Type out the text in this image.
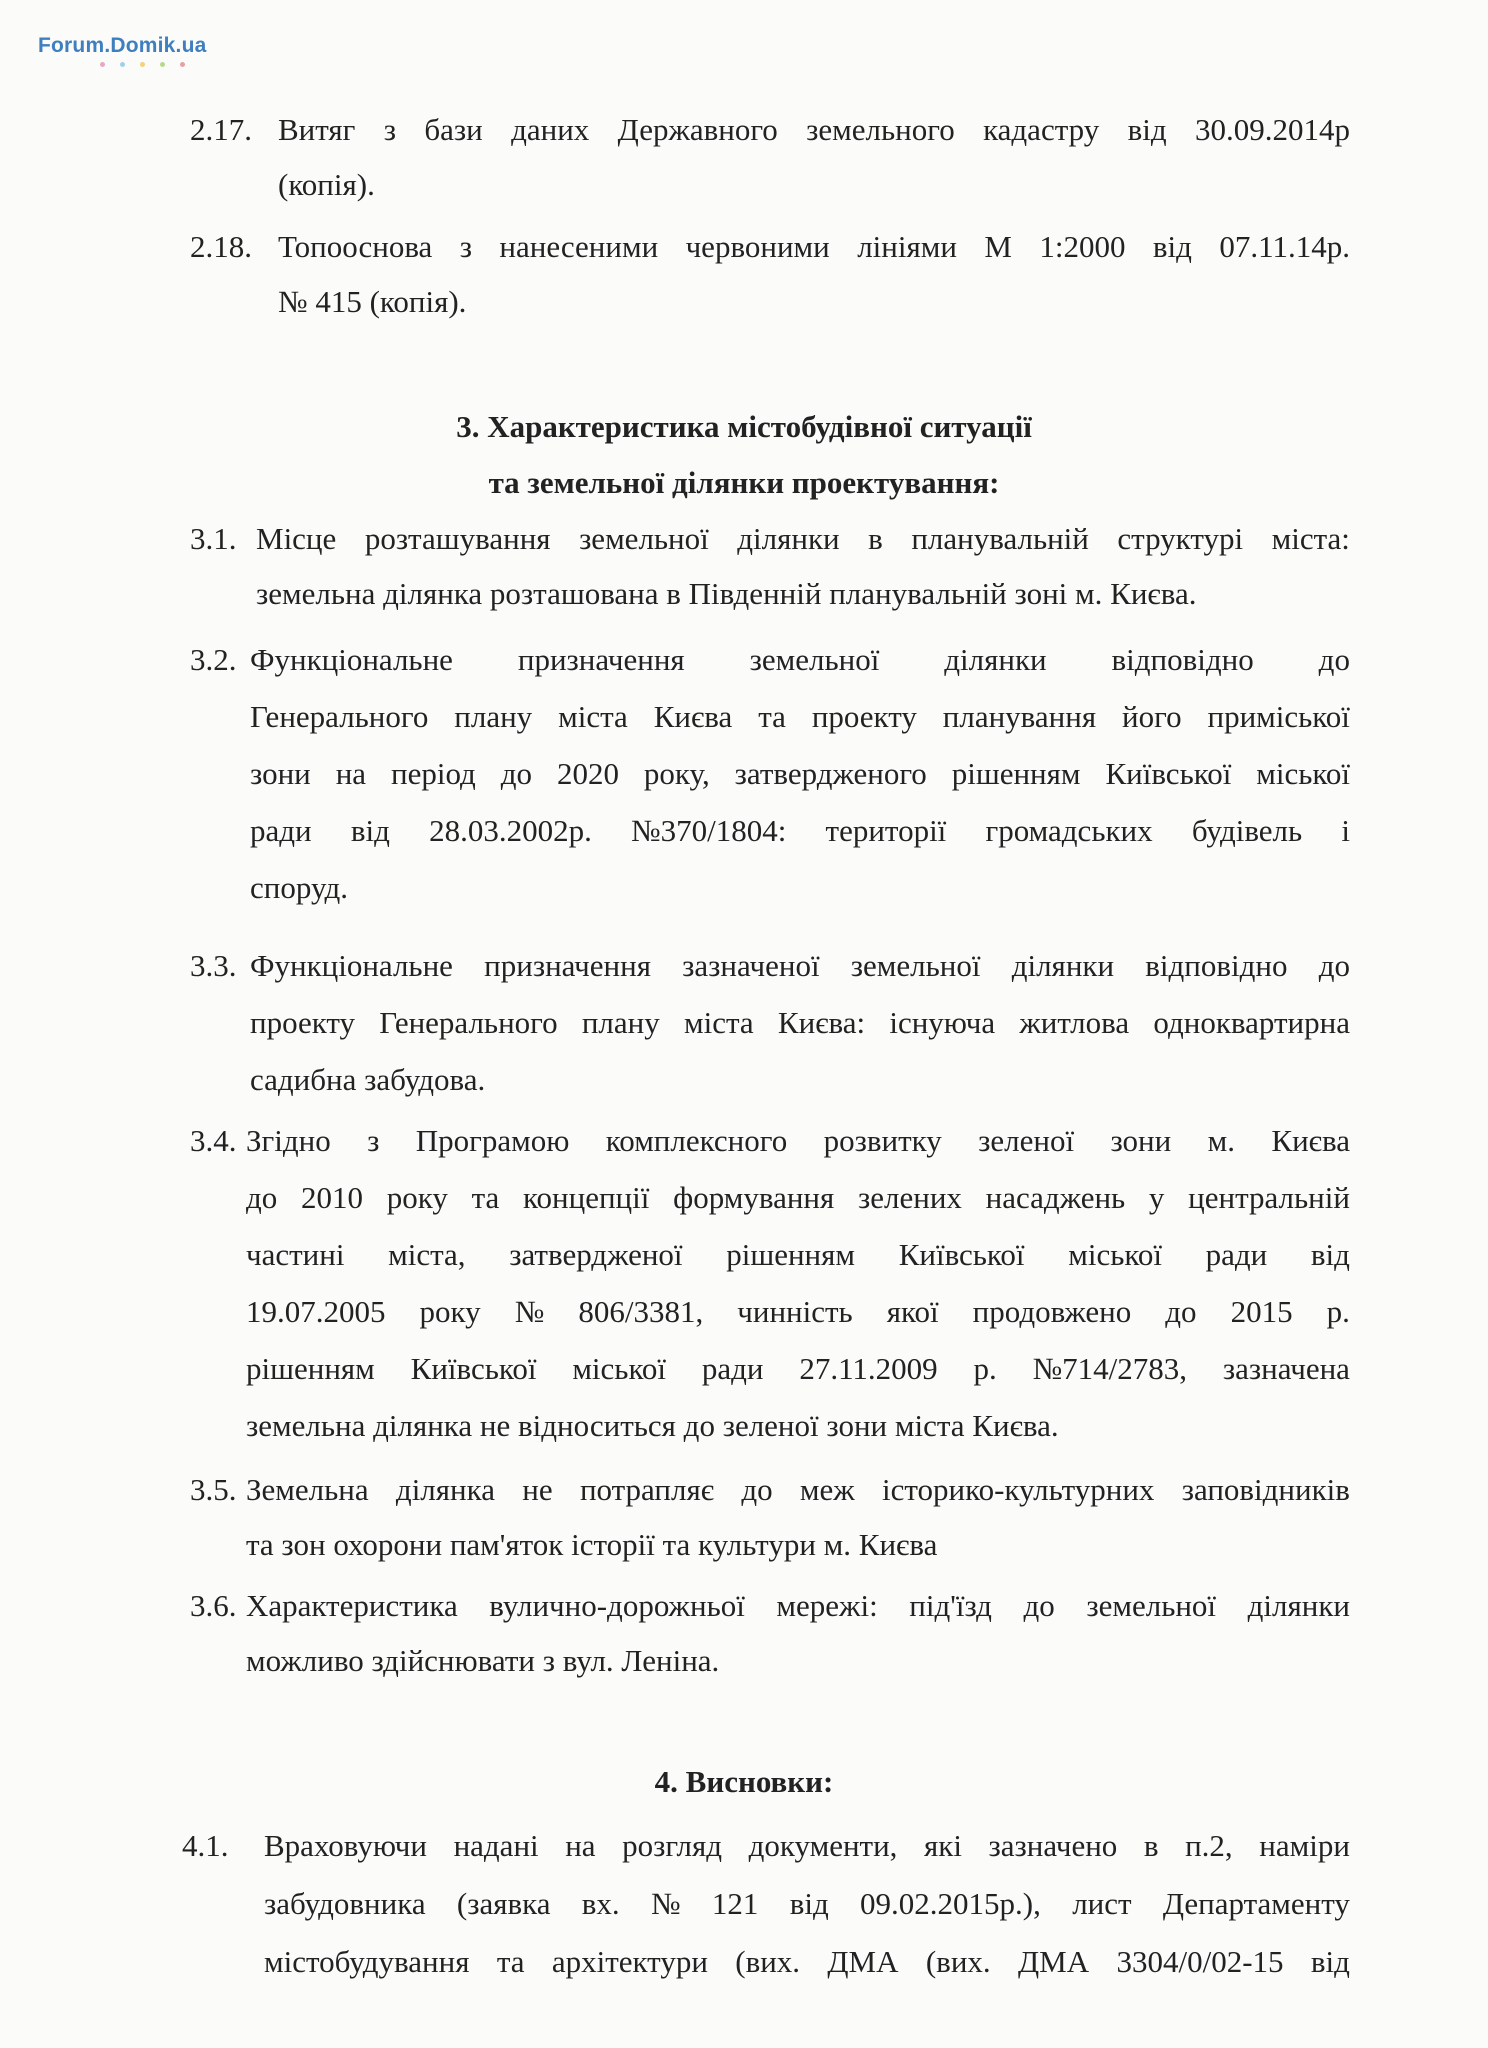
Forum.Domik.ua
2.17. Витяг з бази даних Державного земельного кадастру від 30.09.2014р
(копія).
2.18. Топооснова з нанесеними червоними лініями М 1:2000 від 07.11.14р.
№ 415 (копія).
3. Характеристика містобудівної ситуації
та земельної ділянки проектування:
3.1. Місце розташування земельної ділянки в планувальній структурі міста:
земельна ділянка розташована в Південній планувальній зоні м. Києва.
3.2. Функціональне призначення земельної ділянки відповідно до
Генерального плану міста Києва та проекту планування його приміської
зони на період до 2020 року, затвердженого рішенням Київської міської
ради від 28.03.2002р. №370/1804: території громадських будівель і
споруд.
3.3. Функціональне призначення зазначеної земельної ділянки відповідно до
проекту Генерального плану міста Києва: існуюча житлова одноквартирна
садибна забудова.
3.4. Згідно з Програмою комплексного розвитку зеленої зони м. Києва
до 2010 року та концепції формування зелених насаджень у центральній
частині міста, затвердженої рішенням Київської міської ради від
19.07.2005 року № 806/3381, чинність якої продовжено до 2015 р.
рішенням Київської міської ради 27.11.2009 р. №714/2783, зазначена
земельна ділянка не відноситься до зеленої зони міста Києва.
3.5. Земельна ділянка не потрапляє до меж історико-культурних заповідників
та зон охорони пам'яток історії та культури м. Києва
3.6. Характеристика вулично-дорожньої мережі: під'їзд до земельної ділянки
можливо здійснювати з вул. Леніна.
4. Висновки:
4.1. Враховуючи надані на розгляд документи, які зазначено в п.2, наміри
забудовника (заявка вх. № 121 від 09.02.2015р.), лист Департаменту
містобудування та архітектури (вих. ДМА (вих. ДМА 3304/0/02-15 від
